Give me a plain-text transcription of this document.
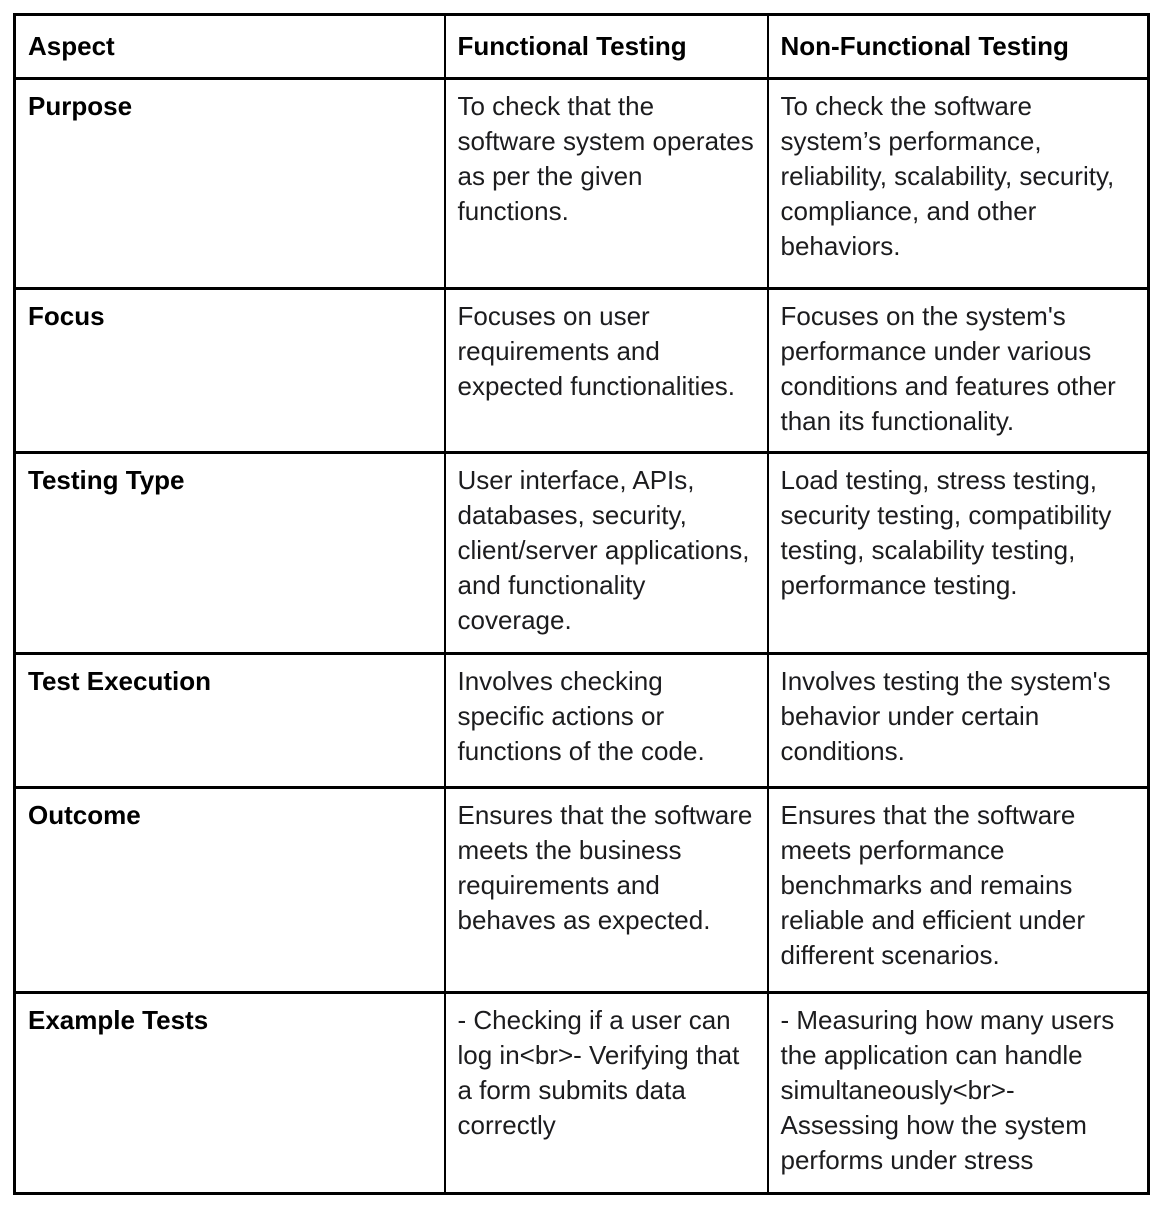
Aspect	Functional Testing	Non-Functional Testing
Purpose	To check that the software system operates as per the given functions.	To check the software system’s performance, reliability, scalability, security, compliance, and other behaviors.
Focus	Focuses on user requirements and expected functionalities.	Focuses on the system's performance under various conditions and features other than its functionality.
Testing Type	User interface, APIs, databases, security, client/server applications, and functionality coverage.	Load testing, stress testing, security testing, compatibility testing, scalability testing, performance testing.
Test Execution	Involves checking specific actions or functions of the code.	Involves testing the system's behavior under certain conditions.
Outcome	Ensures that the software meets the business requirements and behaves as expected.	Ensures that the software meets performance benchmarks and remains reliable and efficient under different scenarios.
Example Tests	- Checking if a user can log in<br>- Verifying that a form submits data correctly	- Measuring how many users the application can handle simultaneously<br>- Assessing how the system performs under stress
